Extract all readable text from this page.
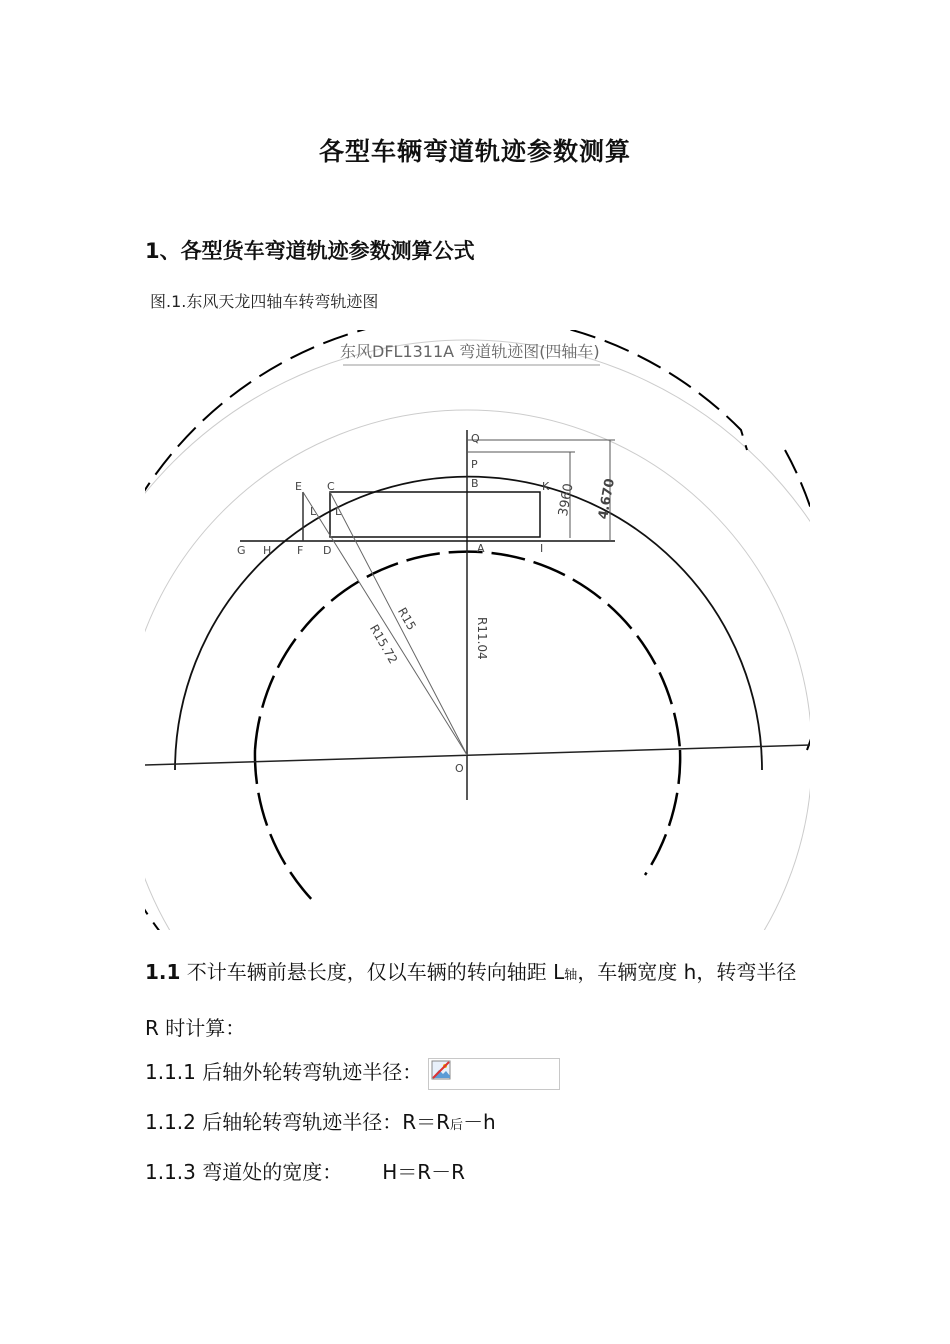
各型车辆弯道轨迹参数测算
1、各型货车弯道轨迹参数测算公式
图.1.东风天龙四轴车转弯轨迹图
东风DFL1311A 弯道轨迹图(四轴车)
Q
P
B	K
E C
L L
G H F D	A	I
O
3960 4.670
R15
R15.72	R11.04
1.1 不计车辆前悬长度，仅以车辆的转向轴距 L轴，车辆宽度 h，转弯半径 R 时计算：
1.1.1 后轴外轮转弯轨迹半径：
1.1.2 后轴轮转弯轨迹半径：R＝R后－h
1.1.3 弯道处的宽度： H＝R－R
